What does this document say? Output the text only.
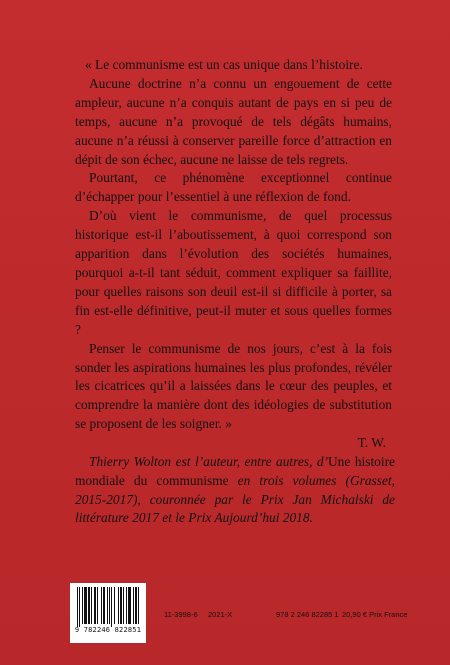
« Le communisme est un cas unique dans l’histoire.

Aucune doctrine n’a connu un engouement de cette ampleur, aucune n’a conquis autant de pays en si peu de temps, aucune n’a provoqué de tels dégâts humains, aucune n’a réussi à conserver pareille force d’attraction en dépit de son échec, aucune ne laisse de tels regrets.

Pourtant, ce phénomène exceptionnel continue d’échapper pour l’essentiel à une réflexion de fond.

D’où vient le communisme, de quel processus historique est-il l’aboutissement, à quoi correspond son apparition dans l’évolution des sociétés humaines, pourquoi a-t-il tant séduit, comment expliquer sa faillite, pour quelles raisons son deuil est-il si difficile à porter, sa fin est-elle définitive, peut-il muter et sous quelles formes ?

Penser le communisme de nos jours, c’est à la fois sonder les aspirations humaines les plus profondes, révéler les cicatrices qu’il a laissées dans le cœur des peuples, et comprendre la manière dont des idéologies de substitution se proposent de les soigner. »

T. W.

Thierry Wolton est l’auteur, entre autres, d’Une histoire mondiale du communisme en trois volumes (Grasset, 2015-2017), couronnée par le Prix Jan Michalski de littérature 2017 et le Prix Aujourd’hui 2018.

9 782246 822851
11-3998-6 2021-X	978 2 246 82285 1 20,90 € Prix France
